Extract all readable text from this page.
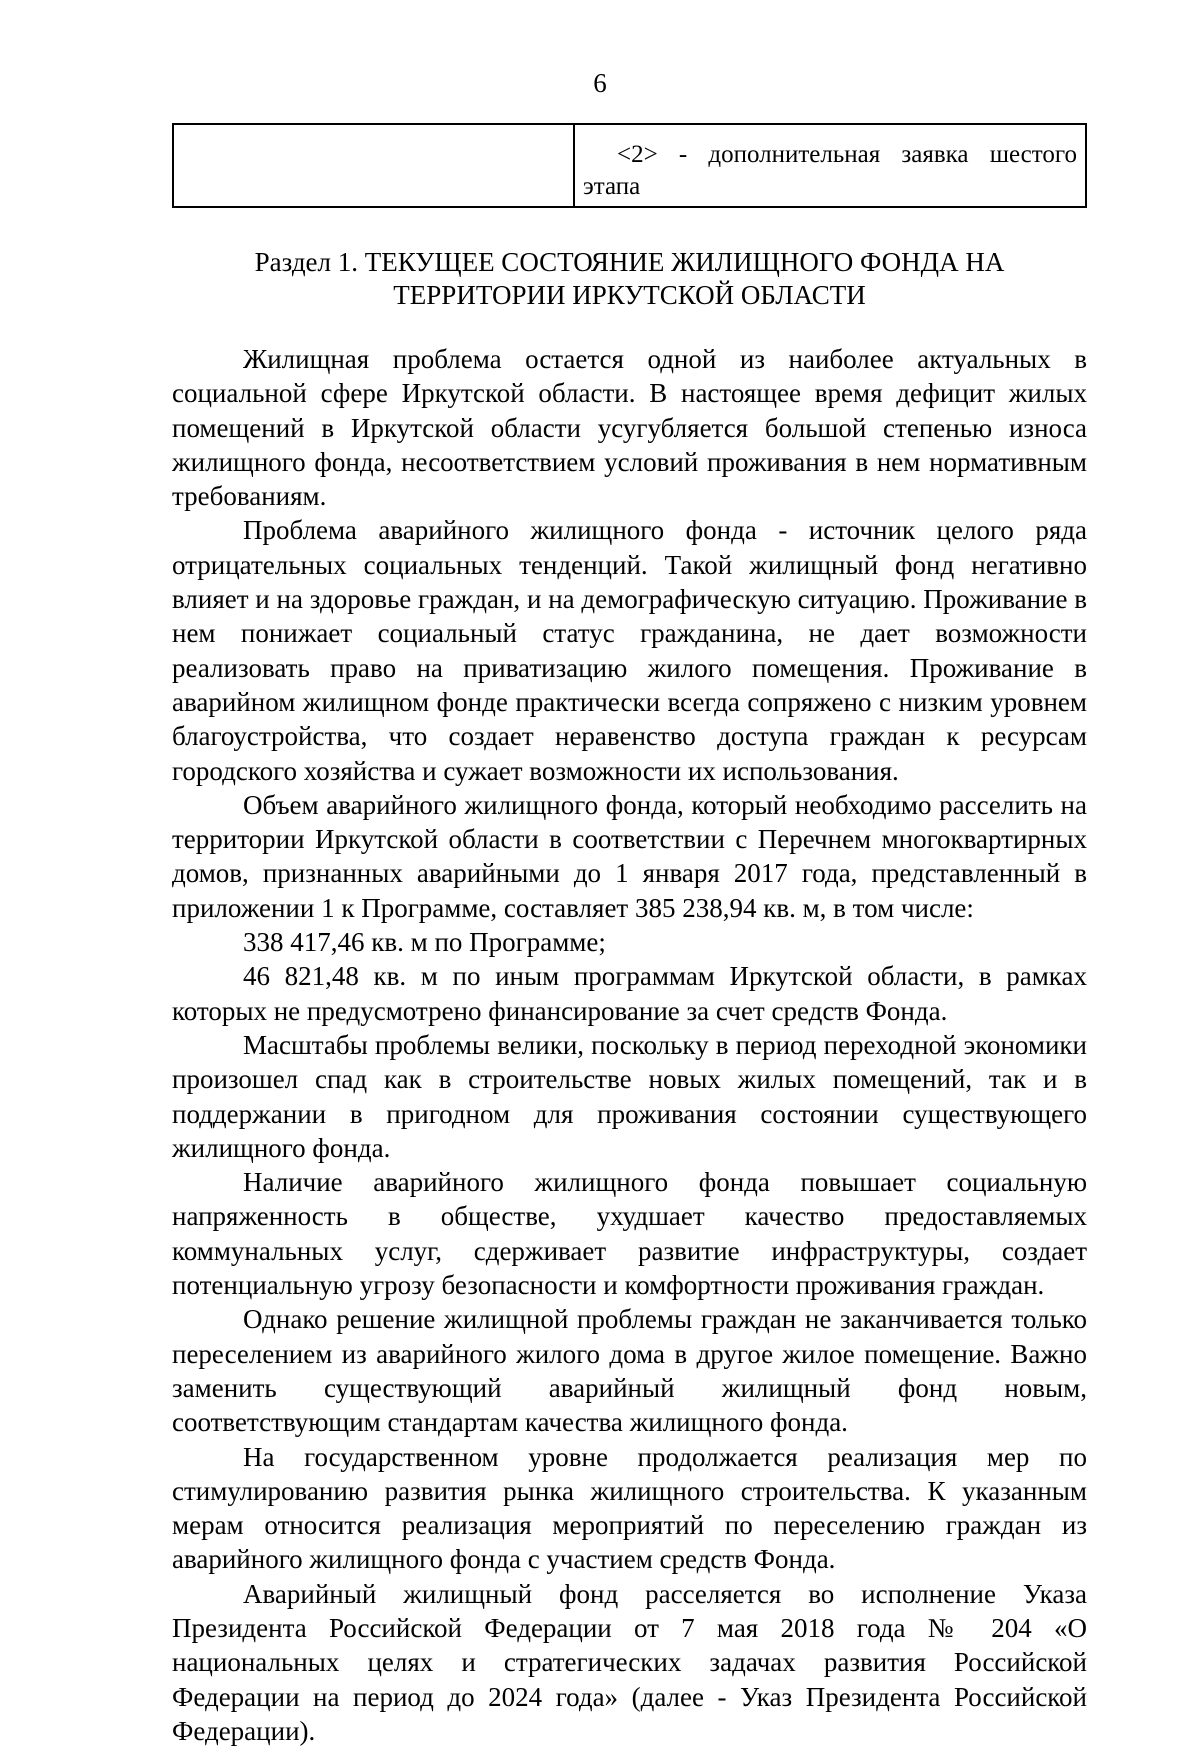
6
<2> - дополнительная заявка шестого
этапа
Раздел 1. ТЕКУЩЕЕ СОСТОЯНИЕ ЖИЛИЩНОГО ФОНДА НА
ТЕРРИТОРИИ ИРКУТСКОЙ ОБЛАСТИ

Жилищная проблема остается одной из наиболее актуальных в социальной сфере Иркутской области. В настоящее время дефицит жилых помещений в Иркутской области усугубляется большой степенью износа жилищного фонда, несоответствием условий проживания в нем нормативным требованиям.

Проблема аварийного жилищного фонда - источник целого ряда отрицательных социальных тенденций. Такой жилищный фонд негативно влияет и на здоровье граждан, и на демографическую ситуацию. Проживание в нем понижает социальный статус гражданина, не дает возможности реализовать право на приватизацию жилого помещения. Проживание в аварийном жилищном фонде практически всегда сопряжено с низким уровнем благоустройства, что создает неравенство доступа граждан к ресурсам городского хозяйства и сужает возможности их использования.

Объем аварийного жилищного фонда, который необходимо расселить на территории Иркутской области в соответствии с Перечнем многоквартирных домов, признанных аварийными до 1 января 2017 года, представленный в приложении 1 к Программе, составляет 385 238,94 кв. м, в том числе:

338 417,46 кв. м по Программе;

46 821,48 кв. м по иным программам Иркутской области, в рамках которых не предусмотрено финансирование за счет средств Фонда.

Масштабы проблемы велики, поскольку в период переходной экономики произошел спад как в строительстве новых жилых помещений, так и в поддержании в пригодном для проживания состоянии существующего жилищного фонда.

Наличие аварийного жилищного фонда повышает социальную напряженность в обществе, ухудшает качество предоставляемых коммунальных услуг, сдерживает развитие инфраструктуры, создает потенциальную угрозу безопасности и комфортности проживания граждан.

Однако решение жилищной проблемы граждан не заканчивается только переселением из аварийного жилого дома в другое жилое помещение. Важно заменить существующий аварийный жилищный фонд новым, соответствующим стандартам качества жилищного фонда.

На государственном уровне продолжается реализация мер по стимулированию развития рынка жилищного строительства. К указанным мерам относится реализация мероприятий по переселению граждан из аварийного жилищного фонда с участием средств Фонда.

Аварийный жилищный фонд расселяется во исполнение Указа Президента Российской Федерации от 7 мая 2018 года № 204 «О национальных целях и стратегических задачах развития Российской Федерации на период до 2024 года» (далее - Указ Президента Российской Федерации).
